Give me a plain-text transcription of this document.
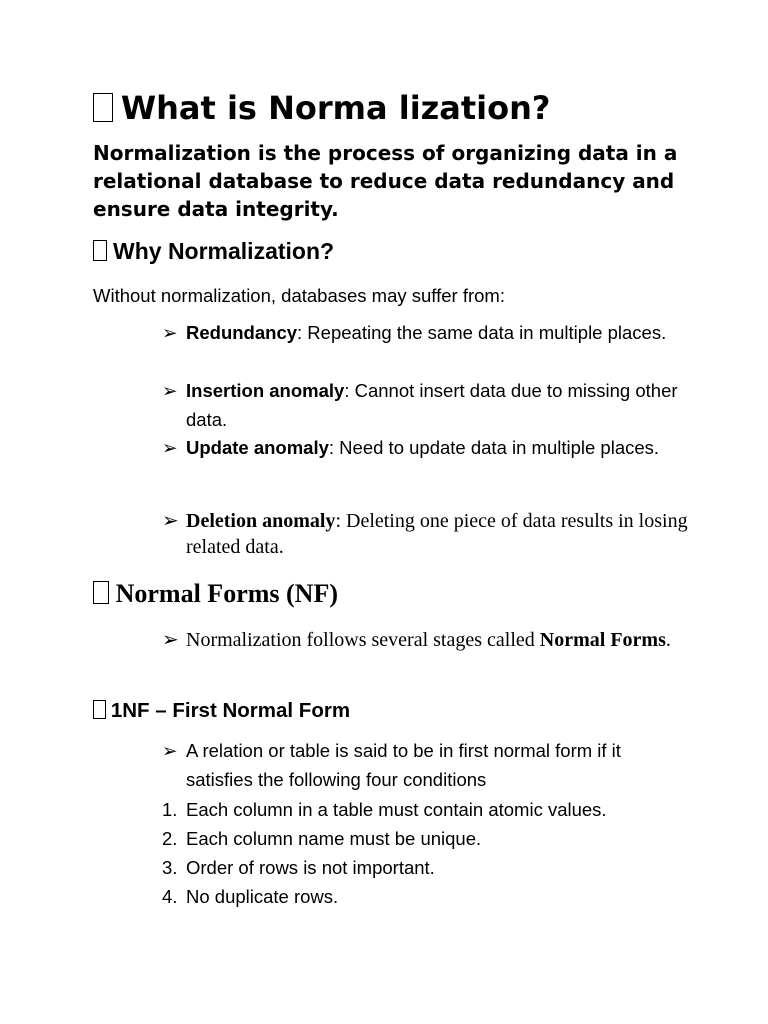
What is Norma lization?

Normalization is the process of organizing data in a relational database to reduce data redundancy and ensure data integrity.

Why Normalization?

Without normalization, databases may suffer from:

➢ Redundancy: Repeating the same data in multiple places.
➢ Insertion anomaly: Cannot insert data due to missing other data.
➢ Update anomaly: Need to update data in multiple places.
➢ Deletion anomaly: Deleting one piece of data results in losing related data.
Normal Forms (NF)
➢ Normalization follows several stages called Normal Forms.
1NF – First Normal Form
➢ A relation or table is said to be in first normal form if it satisfies the following four conditions
1. Each column in a table must contain atomic values.
2. Each column name must be unique.
3. Order of rows is not important.
4. No duplicate rows.
